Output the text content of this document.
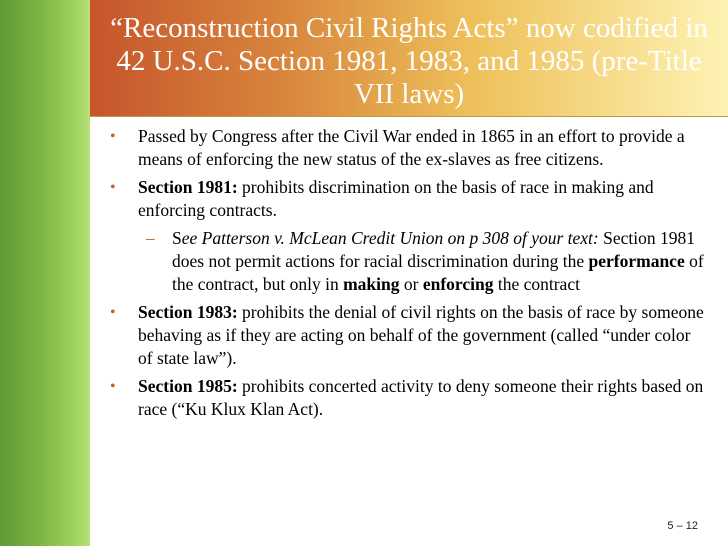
“Reconstruction Civil Rights Acts” now codified in 42 U.S.C. Section 1981, 1983, and 1985 (pre-Title VII laws)
• Passed by Congress after the Civil War ended in 1865 in an effort to provide a means of enforcing the new status of the ex-slaves as free citizens.
• Section 1981: prohibits discrimination on the basis of race in making and enforcing contracts.
– See Patterson v. McLean Credit Union on p 308 of your text: Section 1981 does not permit actions for racial discrimination during the performance of the contract, but only in making or enforcing the contract
• Section 1983: prohibits the denial of civil rights on the basis of race by someone behaving as if they are acting on behalf of the government (called “under color of state law”).
• Section 1985: prohibits concerted activity to deny someone their rights based on race (“Ku Klux Klan Act).
5 – 12
